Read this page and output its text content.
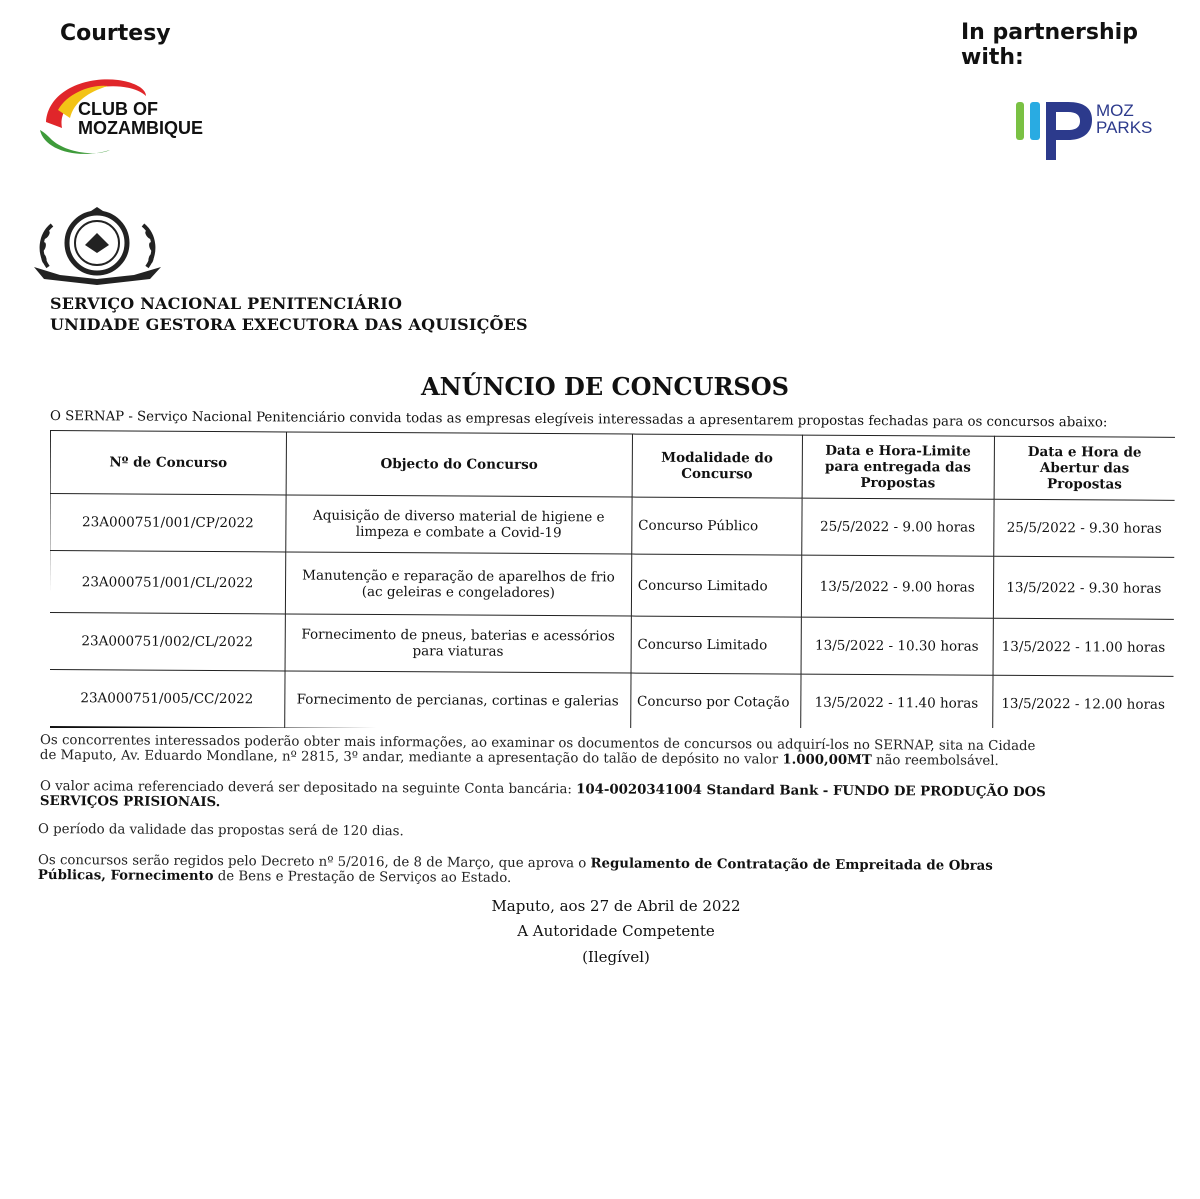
Courtesy	In partnership with:
CLUB OF
MOZAMBIQUE
MOZ
PARKS
SERVIÇO NACIONAL PENITENCIÁRIO
UNIDADE GESTORA EXECUTORA DAS AQUISIÇÕES
ANÚNCIO DE CONCURSOS
O SERNAP - Serviço Nacional Penitenciário convida todas as empresas elegíveis interessadas a apresentarem propostas fechadas para os concursos abaixo:
Nº de Concurso	Objecto do Concurso	Modalidade do Concurso	Data e Hora-Limite para entregada das Propostas	Data e Hora de Abertur das Propostas
23A000751/001/CP/2022	Aquisição de diverso material de higiene e limpeza e combate a Covid-19	Concurso Público	25/5/2022 - 9.00 horas	25/5/2022 - 9.30 horas
23A000751/001/CL/2022	Manutenção e reparação de aparelhos de frio (ac geleiras e congeladores)	Concurso Limitado	13/5/2022 - 9.00 horas	13/5/2022 - 9.30 horas
23A000751/002/CL/2022	Fornecimento de pneus, baterias e acessórios para viaturas	Concurso Limitado	13/5/2022 - 10.30 horas	13/5/2022 - 11.00 horas
23A000751/005/CC/2022	Fornecimento de percianas, cortinas e galerias	Concurso por Cotação	13/5/2022 - 11.40 horas	13/5/2022 - 12.00 horas
Os concorrentes interessados poderão obter mais informações, ao examinar os documentos de concursos ou adquirí-los no SERNAP, sita na Cidade de Maputo, Av. Eduardo Mondlane, nº 2815, 3º andar, mediante a apresentação do talão de depósito no valor 1.000,00MT não reembolsável.
O valor acima referenciado deverá ser depositado na seguinte Conta bancária: 104-0020341004 Standard Bank - FUNDO DE PRODUÇÃO DOS SERVIÇOS PRISIONAIS.
O período da validade das propostas será de 120 dias.
Os concursos serão regidos pelo Decreto nº 5/2016, de 8 de Março, que aprova o Regulamento de Contratação de Empreitada de Obras Públicas, Fornecimento de Bens e Prestação de Serviços ao Estado.
Maputo, aos 27 de Abril de 2022
A Autoridade Competente
(Ilegível)
